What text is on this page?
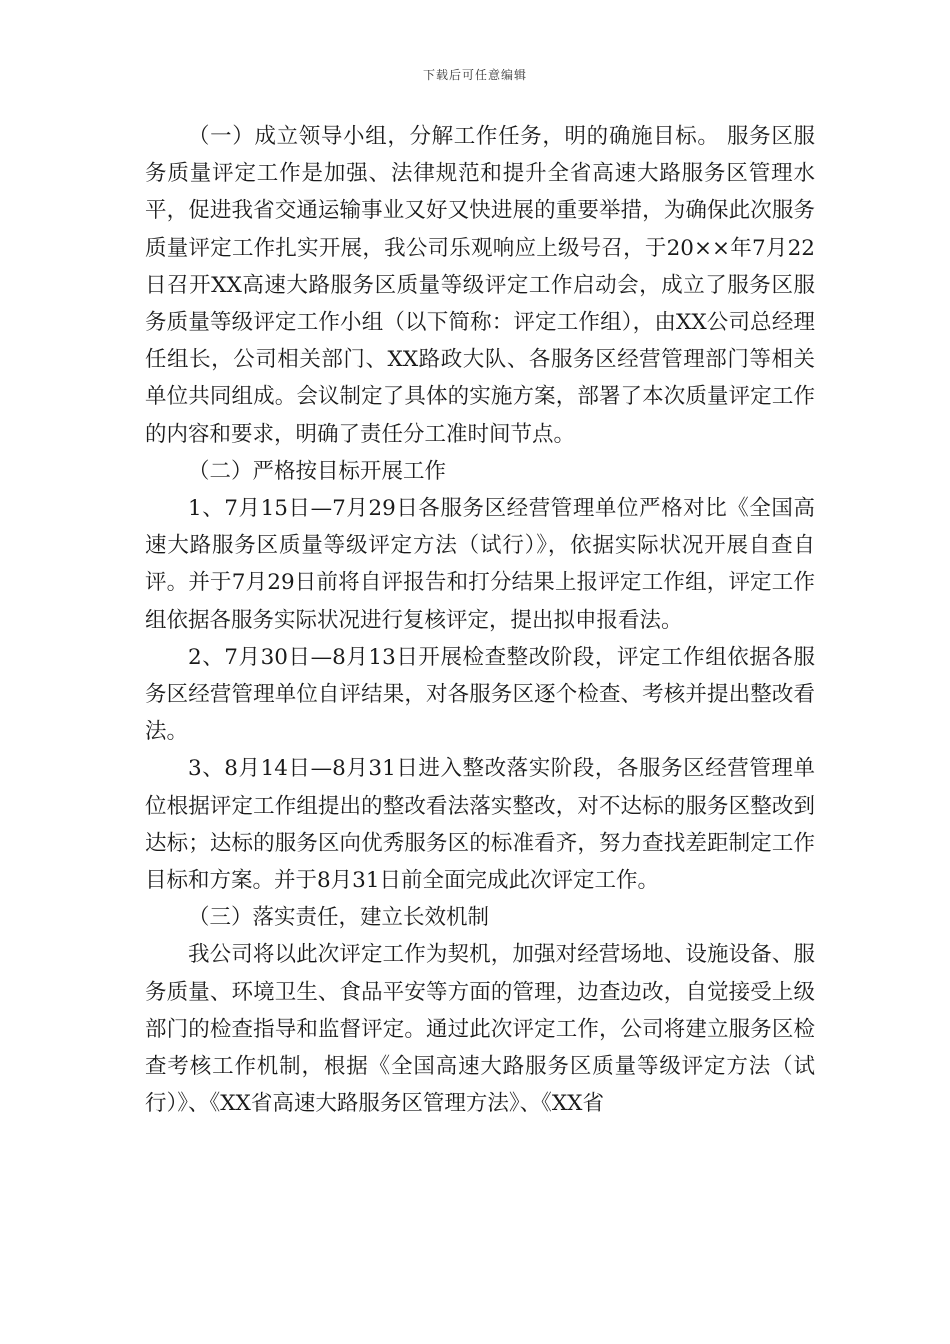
下载后可任意编辑

（一）成立领导小组，分解工作任务，明的确施目标。 服务区服务质量评定工作是加强、法律规范和提升全省高速大路服务区管理水平，促进我省交通运输事业又好又快进展的重要举措，为确保此次服务质量评定工作扎实开展，我公司乐观响应上级号召，于20××年7月22日召开XX高速大路服务区质量等级评定工作启动会，成立了服务区服务质量等级评定工作小组（以下简称：评定工作组），由XX公司总经理任组长，公司相关部门、XX路政大队、各服务区经营管理部门等相关单位共同组成。会议制定了具体的实施方案，部署了本次质量评定工作的内容和要求，明确了责任分工准时间节点。

（二）严格按目标开展工作

1、7月15日—7月29日各服务区经营管理单位严格对比《全国高速大路服务区质量等级评定方法（试行）》，依据实际状况开展自查自评。并于7月29日前将自评报告和打分结果上报评定工作组，评定工作组依据各服务实际状况进行复核评定，提出拟申报看法。

2、7月30日—8月13日开展检查整改阶段，评定工作组依据各服务区经营管理单位自评结果，对各服务区逐个检查、考核并提出整改看法。

3、8月14日—8月31日进入整改落实阶段，各服务区经营管理单位根据评定工作组提出的整改看法落实整改，对不达标的服务区整改到达标；达标的服务区向优秀服务区的标准看齐，努力查找差距制定工作目标和方案。并于8月31日前全面完成此次评定工作。

（三）落实责任，建立长效机制

我公司将以此次评定工作为契机，加强对经营场地、设施设备、服务质量、环境卫生、食品平安等方面的管理，边查边改，自觉接受上级部门的检查指导和监督评定。通过此次评定工作，公司将建立服务区检查考核工作机制，根据《全国高速大路服务区质量等级评定方法（试行）》、《XX省高速大路服务区管理方法》、《XX省
